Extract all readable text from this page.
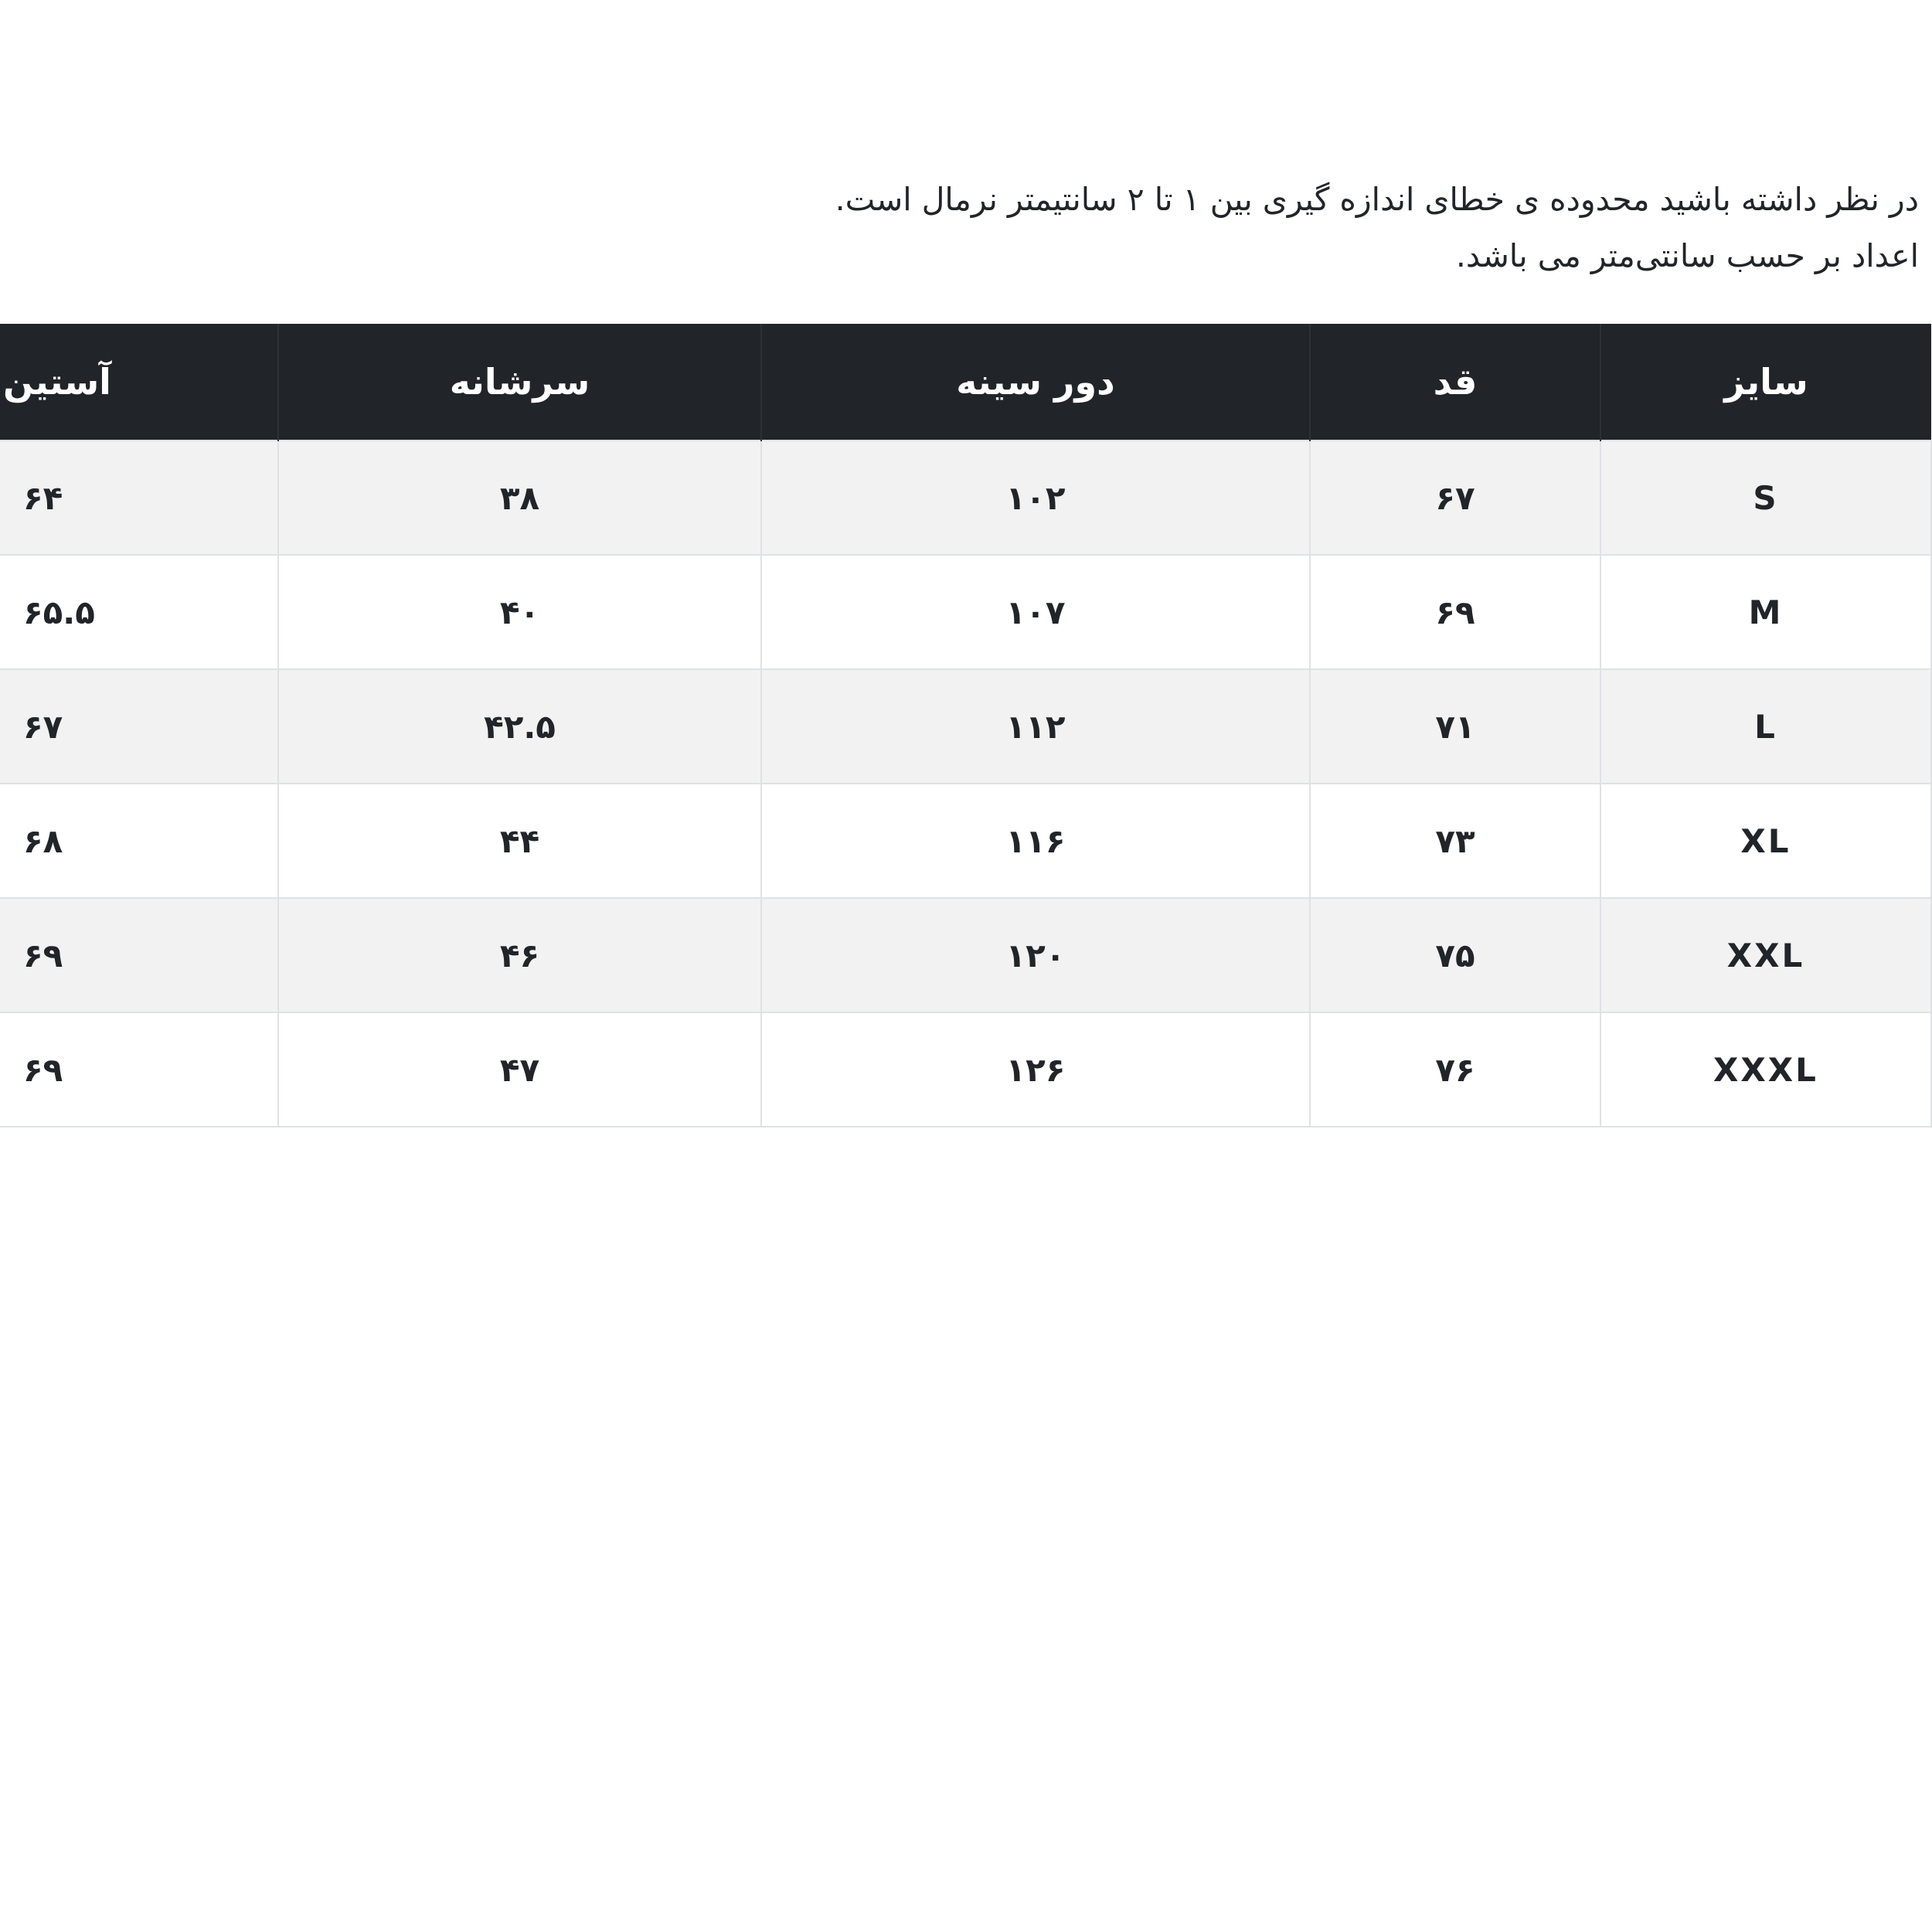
در نظر داشته باشید محدوده ی خطای اندازه گیری بین ۱ تا ۲ سانتیمتر نرمال است.
اعداد بر حسب سانتی‌متر می باشد.
سایز	قد	دور سینه	سرشانه	آستین
S	۶۷	۱۰۲	۳۸	۶۴
M	۶۹	۱۰۷	۴۰	۶۵.۵
L	۷۱	۱۱۲	۴۲.۵	۶۷
XL	۷۳	۱۱۶	۴۴	۶۸
XXL	۷۵	۱۲۰	۴۶	۶۹
XXXL	۷۶	۱۲۶	۴۷	۶۹
